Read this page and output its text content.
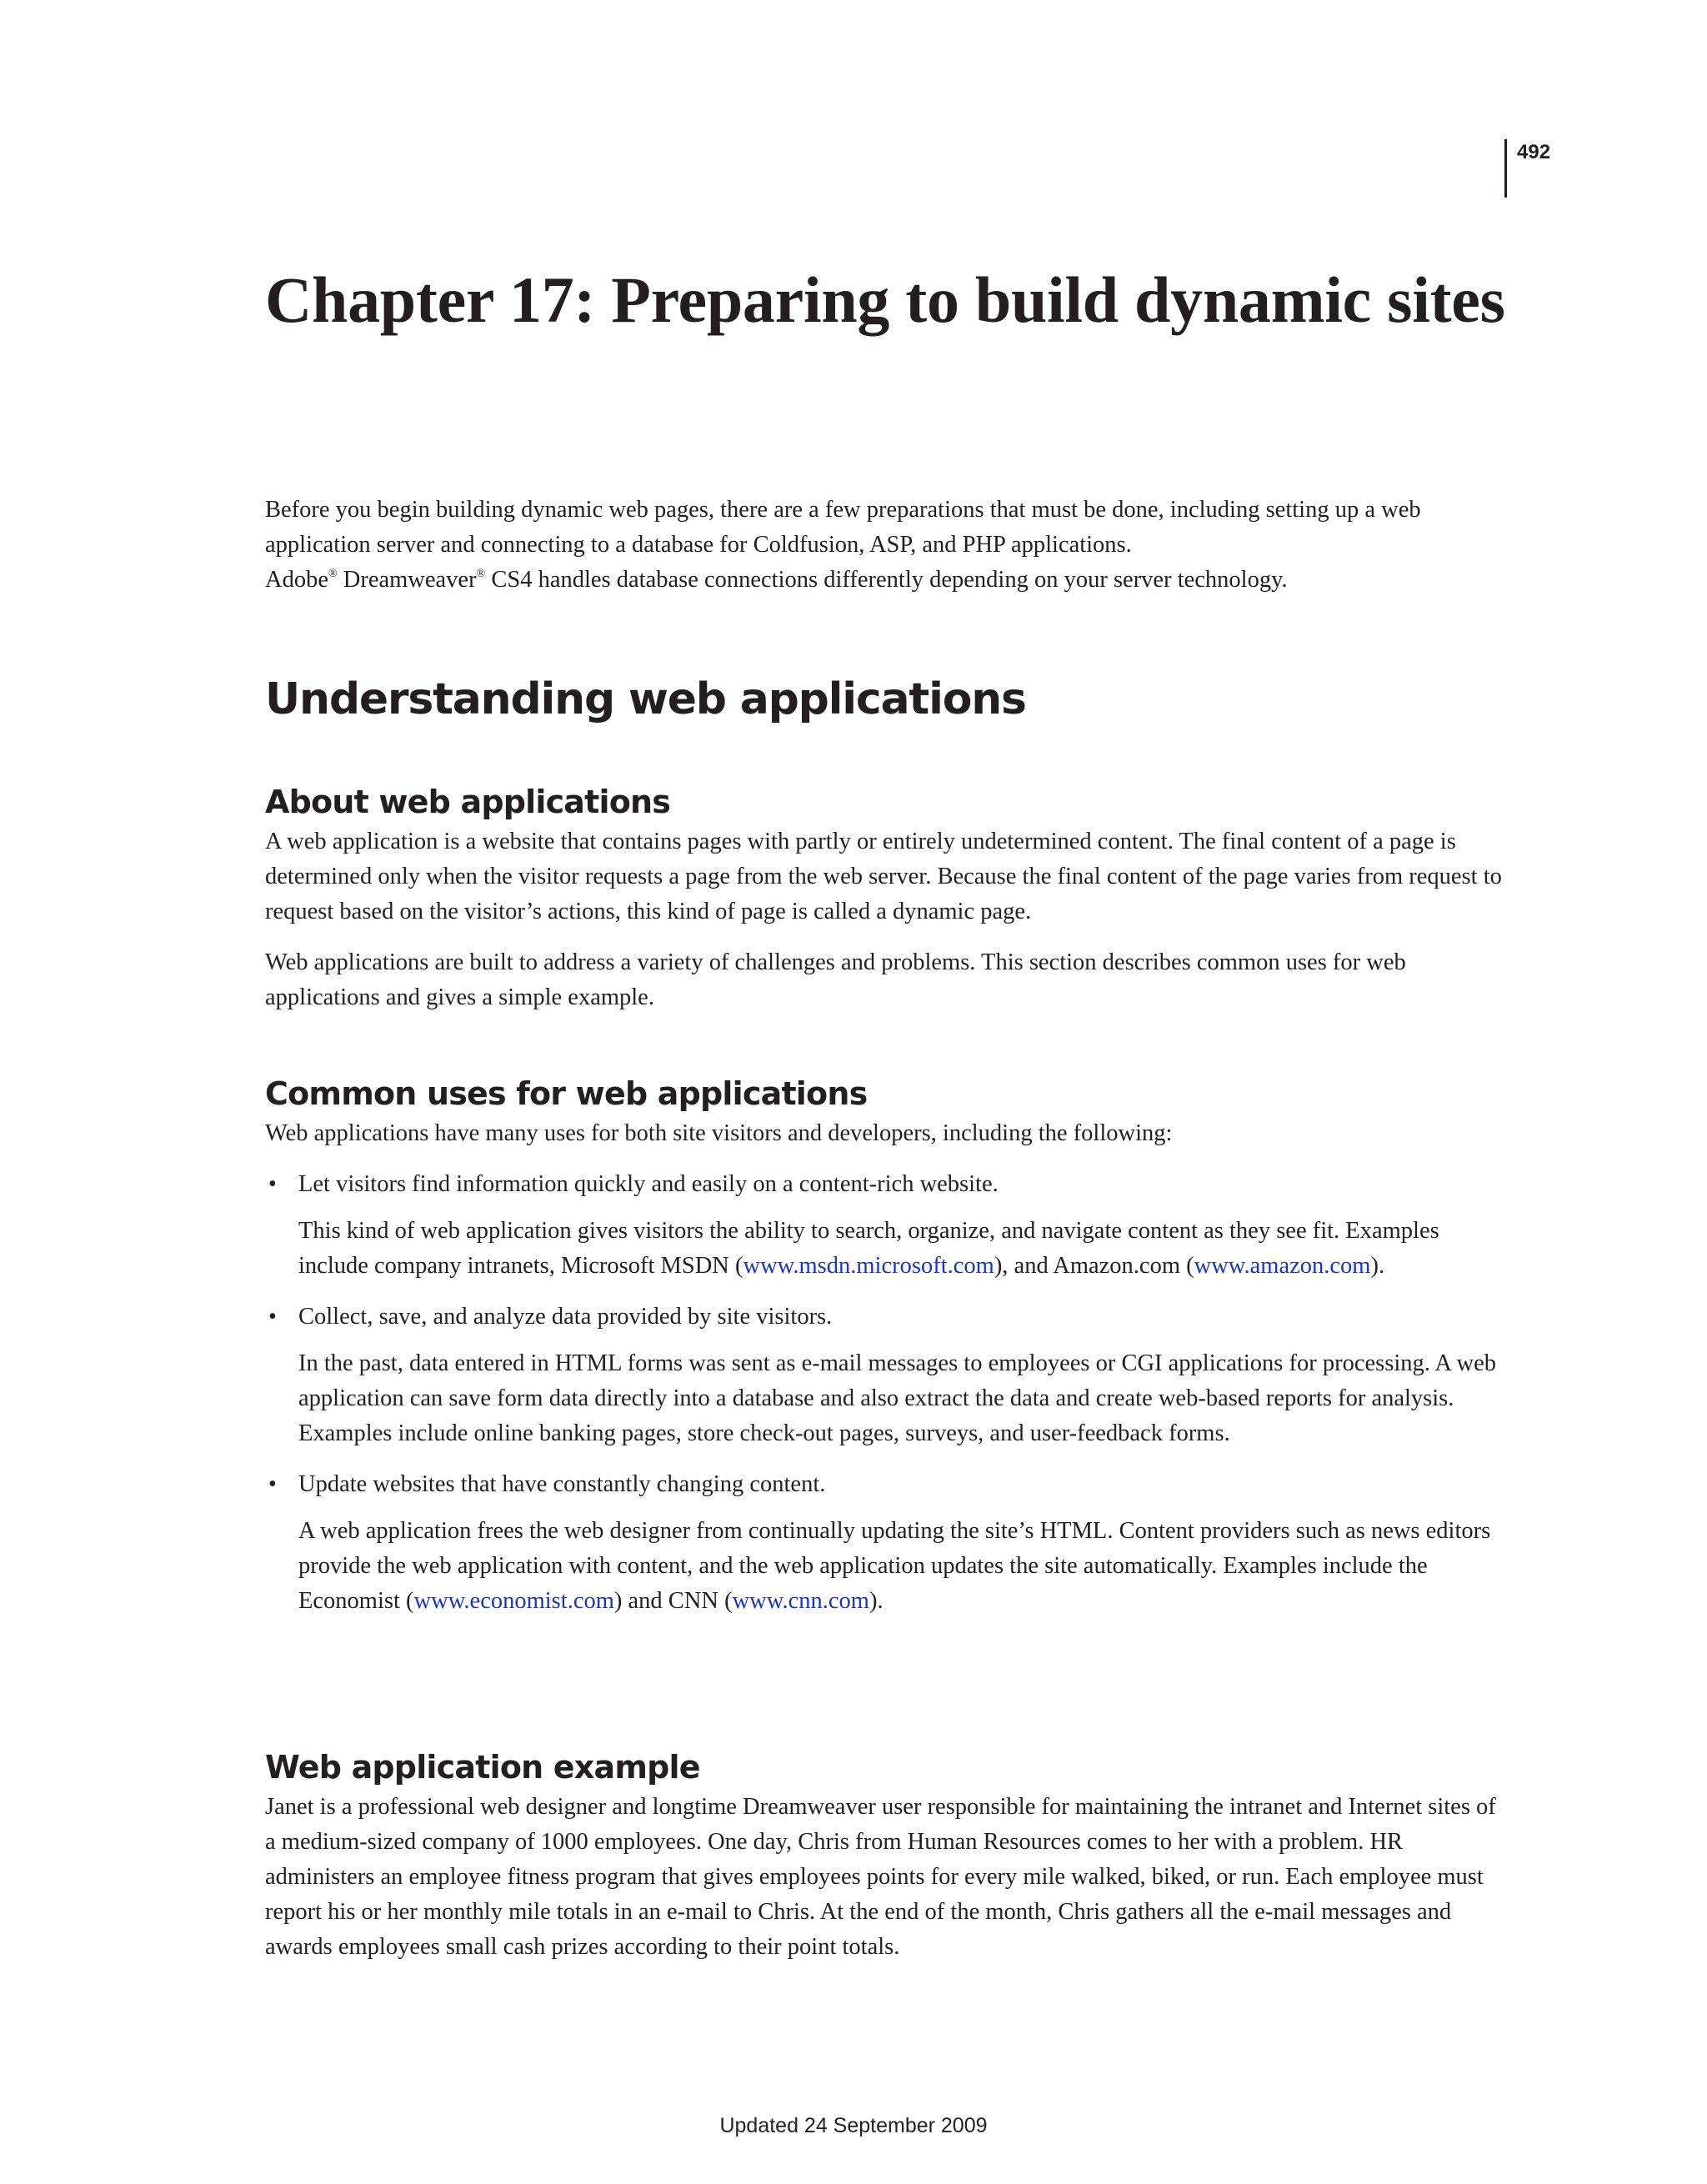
492
Chapter 17: Preparing to build dynamic sites

Before you begin building dynamic web pages, there are a few preparations that must be done, including setting up a web application server and connecting to a database for Coldfusion, ASP, and PHP applications.

Adobe® Dreamweaver® CS4 handles database connections differently depending on your server technology.

Understanding web applications
About web applications

A web application is a website that contains pages with partly or entirely undetermined content. The final content of a page is determined only when the visitor requests a page from the web server. Because the final content of the page varies from request to request based on the visitor’s actions, this kind of page is called a dynamic page.

Web applications are built to address a variety of challenges and problems. This section describes common uses for web applications and gives a simple example.

Common uses for web applications

Web applications have many uses for both site visitors and developers, including the following:

• Let visitors find information quickly and easily on a content-rich website.

This kind of web application gives visitors the ability to search, organize, and navigate content as they see fit. Examples include company intranets, Microsoft MSDN (www.msdn.microsoft.com), and Amazon.com (www.amazon.com).

• Collect, save, and analyze data provided by site visitors.

In the past, data entered in HTML forms was sent as e-mail messages to employees or CGI applications for processing. A web application can save form data directly into a database and also extract the data and create web-based reports for analysis. Examples include online banking pages, store check-out pages, surveys, and user-feedback forms.

• Update websites that have constantly changing content.

A web application frees the web designer from continually updating the site’s HTML. Content providers such as news editors provide the web application with content, and the web application updates the site automatically. Examples include the Economist (www.economist.com) and CNN (www.cnn.com).

Web application example

Janet is a professional web designer and longtime Dreamweaver user responsible for maintaining the intranet and Internet sites of a medium-sized company of 1000 employees. One day, Chris from Human Resources comes to her with a problem. HR administers an employee fitness program that gives employees points for every mile walked, biked, or run. Each employee must report his or her monthly mile totals in an e-mail to Chris. At the end of the month, Chris gathers all the e-mail messages and awards employees small cash prizes according to their point totals.

Updated 24 September 2009
